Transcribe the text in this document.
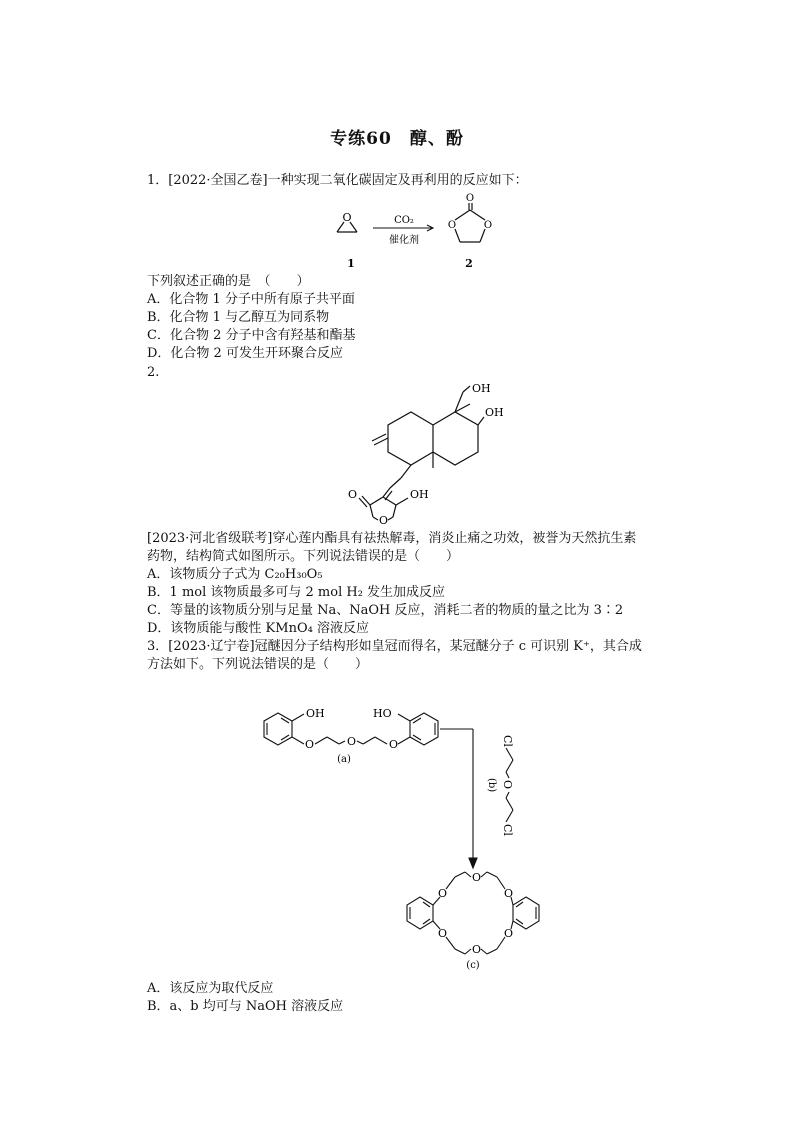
专练60　醇、酚
1．[2022·全国乙卷]一种实现二氧化碳固定及再利用的反应如下：
O	CO₂
催化剂
O
O	O
1	2
下列叙述正确的是　（　　）
A．化合物 1 分子中所有原子共平面
B．化合物 1 与乙醇互为同系物
C．化合物 2 分子中含有羟基和酯基
D．化合物 2 可发生开环聚合反应
2.
OH
OH
O	OH
O
[2023·河北省级联考]穿心莲内酯具有祛热解毒，消炎止痛之功效，被誉为天然抗生素
药物，结构简式如图所示。下列说法错误的是（　　）
A．该物质分子式为 C₂₀H₃₀O₅
B．1 mol 该物质最多可与 2 mol H₂ 发生加成反应
C．等量的该物质分别与足量 Na、NaOH 反应，消耗二者的物质的量之比为 3∶2
D．该物质能与酸性 KMnO₄ 溶液反应
3．[2023·辽宁卷]冠醚因分子结构形如皇冠而得名，某冠醚分子 c 可识别 K⁺，其合成
方法如下。下列说法错误的是（　　）
OH	HO
O	O	O
(a)
Cl
O
Cl
(b)
O
O
O
O
O
O
(c)
A．该反应为取代反应
B．a、b 均可与 NaOH 溶液反应
